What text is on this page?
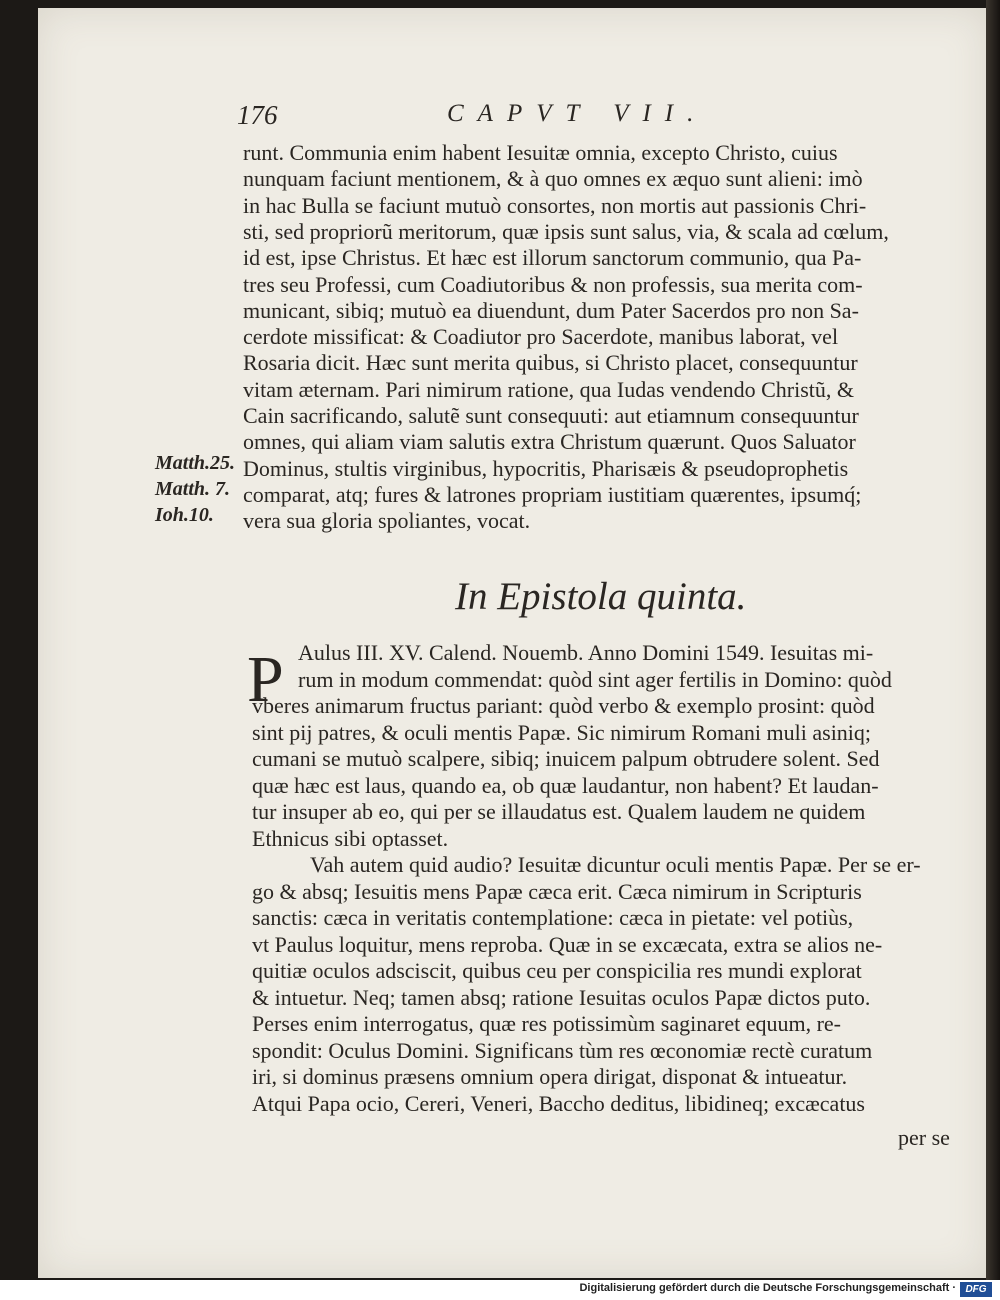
176	CAPVT VII.
runt. Communia enim habent Iesuitæ omnia, excepto Christo, cuius
nunquam faciunt mentionem, & à quo omnes ex æquo sunt alieni: imò
in hac Bulla se faciunt mutuò consortes, non mortis aut passionis Chri-
sti, sed propriorũ meritorum, quæ ipsis sunt salus, via, & scala ad cœlum,
id est, ipse Christus. Et hæc est illorum sanctorum communio, qua Pa-
tres seu Professi, cum Coadiutoribus & non professis, sua merita com-
municant, sibiq; mutuò ea diuendunt, dum Pater Sacerdos pro non Sa-
cerdote missificat: & Coadiutor pro Sacerdote, manibus laborat, vel
Rosaria dicit. Hæc sunt merita quibus, si Christo placet, consequuntur
vitam æternam. Pari nimirum ratione, qua Iudas vendendo Christũ, &
Cain sacrificando, salutẽ sunt consequuti: aut etiamnum consequuntur
omnes, qui aliam viam salutis extra Christum quærunt. Quos Saluator
Dominus, stultis virginibus, hypocritis, Pharisæis & pseudoprophetis
comparat, atq; fures & latrones propriam iustitiam quærentes, ipsumq́;
vera sua gloria spoliantes, vocat.
Matth.25.
Matth. 7.
Ioh.10.
In Epistola quinta.
P Aulus III. XV. Calend. Nouemb. Anno Domini 1549. Iesuitas mi-
rum in modum commendat: quòd sint ager fertilis in Domino: quòd
vberes animarum fructus pariant: quòd verbo & exemplo prosint: quòd
sint pij patres, & oculi mentis Papæ. Sic nimirum Romani muli asiniq;
cumani se mutuò scalpere, sibiq; inuicem palpum obtrudere solent. Sed
quæ hæc est laus, quando ea, ob quæ laudantur, non habent? Et laudan-
tur insuper ab eo, qui per se illaudatus est. Qualem laudem ne quidem
Ethnicus sibi optasset.
Vah autem quid audio? Iesuitæ dicuntur oculi mentis Papæ. Per se er-
go & absq; Iesuitis mens Papæ cæca erit. Cæca nimirum in Scripturis
sanctis: cæca in veritatis contemplatione: cæca in pietate: vel potiùs,
vt Paulus loquitur, mens reproba. Quæ in se excæcata, extra se alios ne-
quitiæ oculos adsciscit, quibus ceu per conspicilia res mundi explorat
& intuetur. Neq; tamen absq; ratione Iesuitas oculos Papæ dictos puto.
Perses enim interrogatus, quæ res potissimùm saginaret equum, re-
spondit: Oculus Domini. Significans tùm res œconomiæ rectè curatum
iri, si dominus præsens omnium opera dirigat, disponat & intueatur.
Atqui Papa ocio, Cereri, Veneri, Baccho deditus, libidineq; excæcatus
per se
Digitalisierung gefördert durch die Deutsche Forschungsgemeinschaft · DFG
